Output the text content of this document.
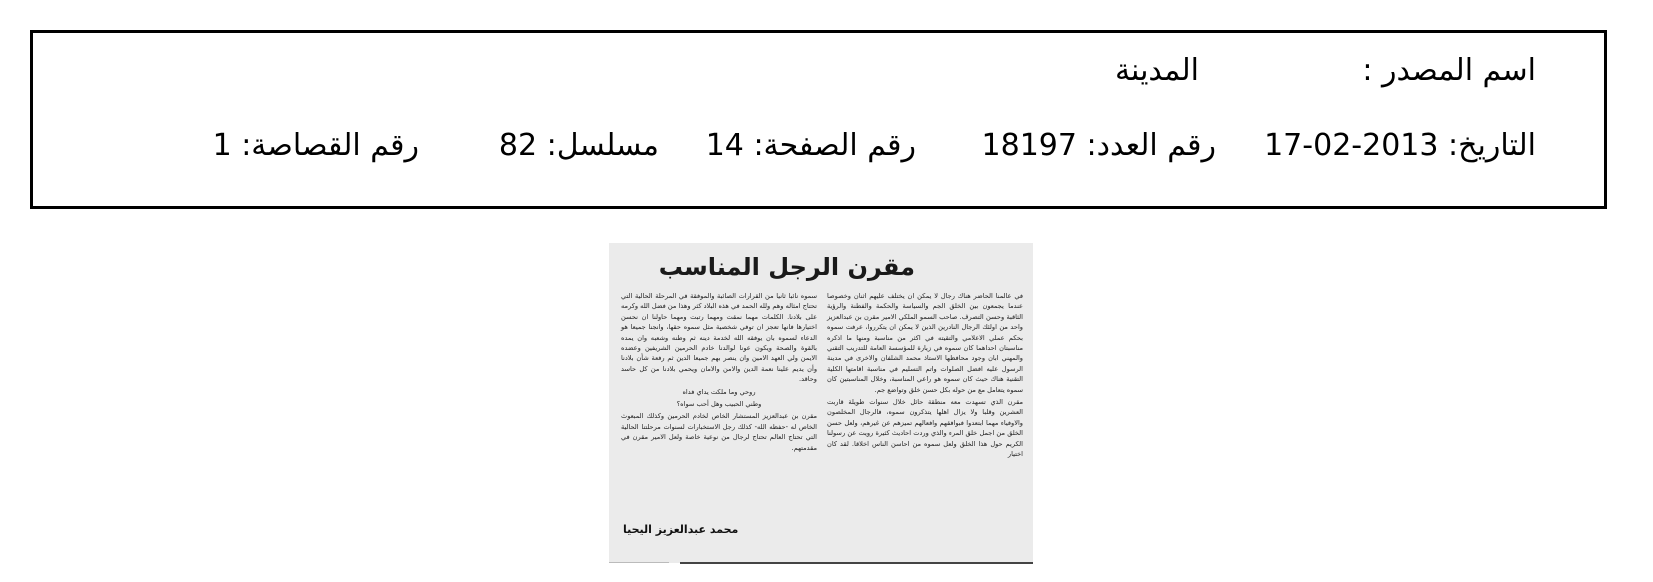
اسم المصدر :
المدينة
التاريخ: 2013-02-17
رقم العدد: 18197
رقم الصفحة: 14
مسلسل: 82
رقم القصاصة: 1
مقرن الرجل المناسب

في عالمنا الحاضر هناك رجال لا يمكن ان يختلف عليهم اثنان وخصوصا عندما يجمعون بين الخلق الجم والسياسة والحكمة والفطنة والرؤية الثاقبة وحسن التصرف. صاحب السمو الملكي الامير مقرن بن عبدالعزيز واحد من اولئك الرجال النادرين الذين لا يمكن ان يتكرروا، عرفت سموه بحكم عملي الاعلامي والتقيته في اكثر من مناسبة ومنها ما اذكره مناسبتان احداهما كان سموه في زيارة للمؤسسة العامة للتدريب التقني والمهني ابان وجود محافظها الاستاذ محمد الشلفان والاخرى في مدينة الرسول عليه افضل الصلوات واتم التسليم في مناسبة اقامتها الكلية التقنية هناك حيث كان سموه هو راعي المناسبة، وخلال المناسبتين كان سموه يتعامل مع من حوله بكل حسن خلق وتواضع جم.

مقرن الذي تسهدت معه منطقة حائل خلال سنوات طويلة قاربت العشرين وقلبا ولا يزال اهلها يتذكرون سموه، فالرجال المخلصون والاوفياء مهما ابتعدوا فبوافقهم وافعالهم تميزهم عن غيرهم، ولعل حسن الخلق من اجمل خلق المرء والذي وردت احاديث كثيرة رويت عن رسولنا الكريم حول هذا الخلق ولعل سموه من احاسن الناس اخلاقا. لقد كان اختيار

سموه نائبا ثانيا من القرارات الصائبة والموفقة في المرحلة الحالية التي تحتاج امثاله وهم ولله الحمد في هذه البلاد كثر وهذا من فضل الله وكرمه على بلادنا. الكلمات مهما نمقت ومهما رتبت ومهما حاولنا ان نحسن اختيارها فانها تعجز ان توفي شخصية مثل سموه حقها، وانجنا جميعا هو الدعاء لسموه بان يوفقه الله لخدمة دينه ثم وطنه وشعبه وان يمده بالقوة والصحة ويكون عونا لوالدنا خادم الحرمين الشريفين وعضده الايمن ولي العهد الامين وان ينصر بهم جميعا الدين ثم رفعة شأن بلادنا وأن يديم علينا نعمة الدين والامن والامان ويحمي بلادنا من كل حاسد وحاقد.

روحي وما ملكت يداي فداه

وطني الحبيب وهل أحب سواه؟

مقرن بن عبدالعزيز المستشار الخاص لخادم الحرمين وكذلك المبعوث الخاص له -حفظه الله- كذلك رجل الاستخبارات لسنوات مرحلتنا الحالية التي تحتاج العالم تحتاج لرجال من نوعية خاصة ولعل الامير مقرن في مقدمتهم.

محمد عبدالعزيز اليحيا
